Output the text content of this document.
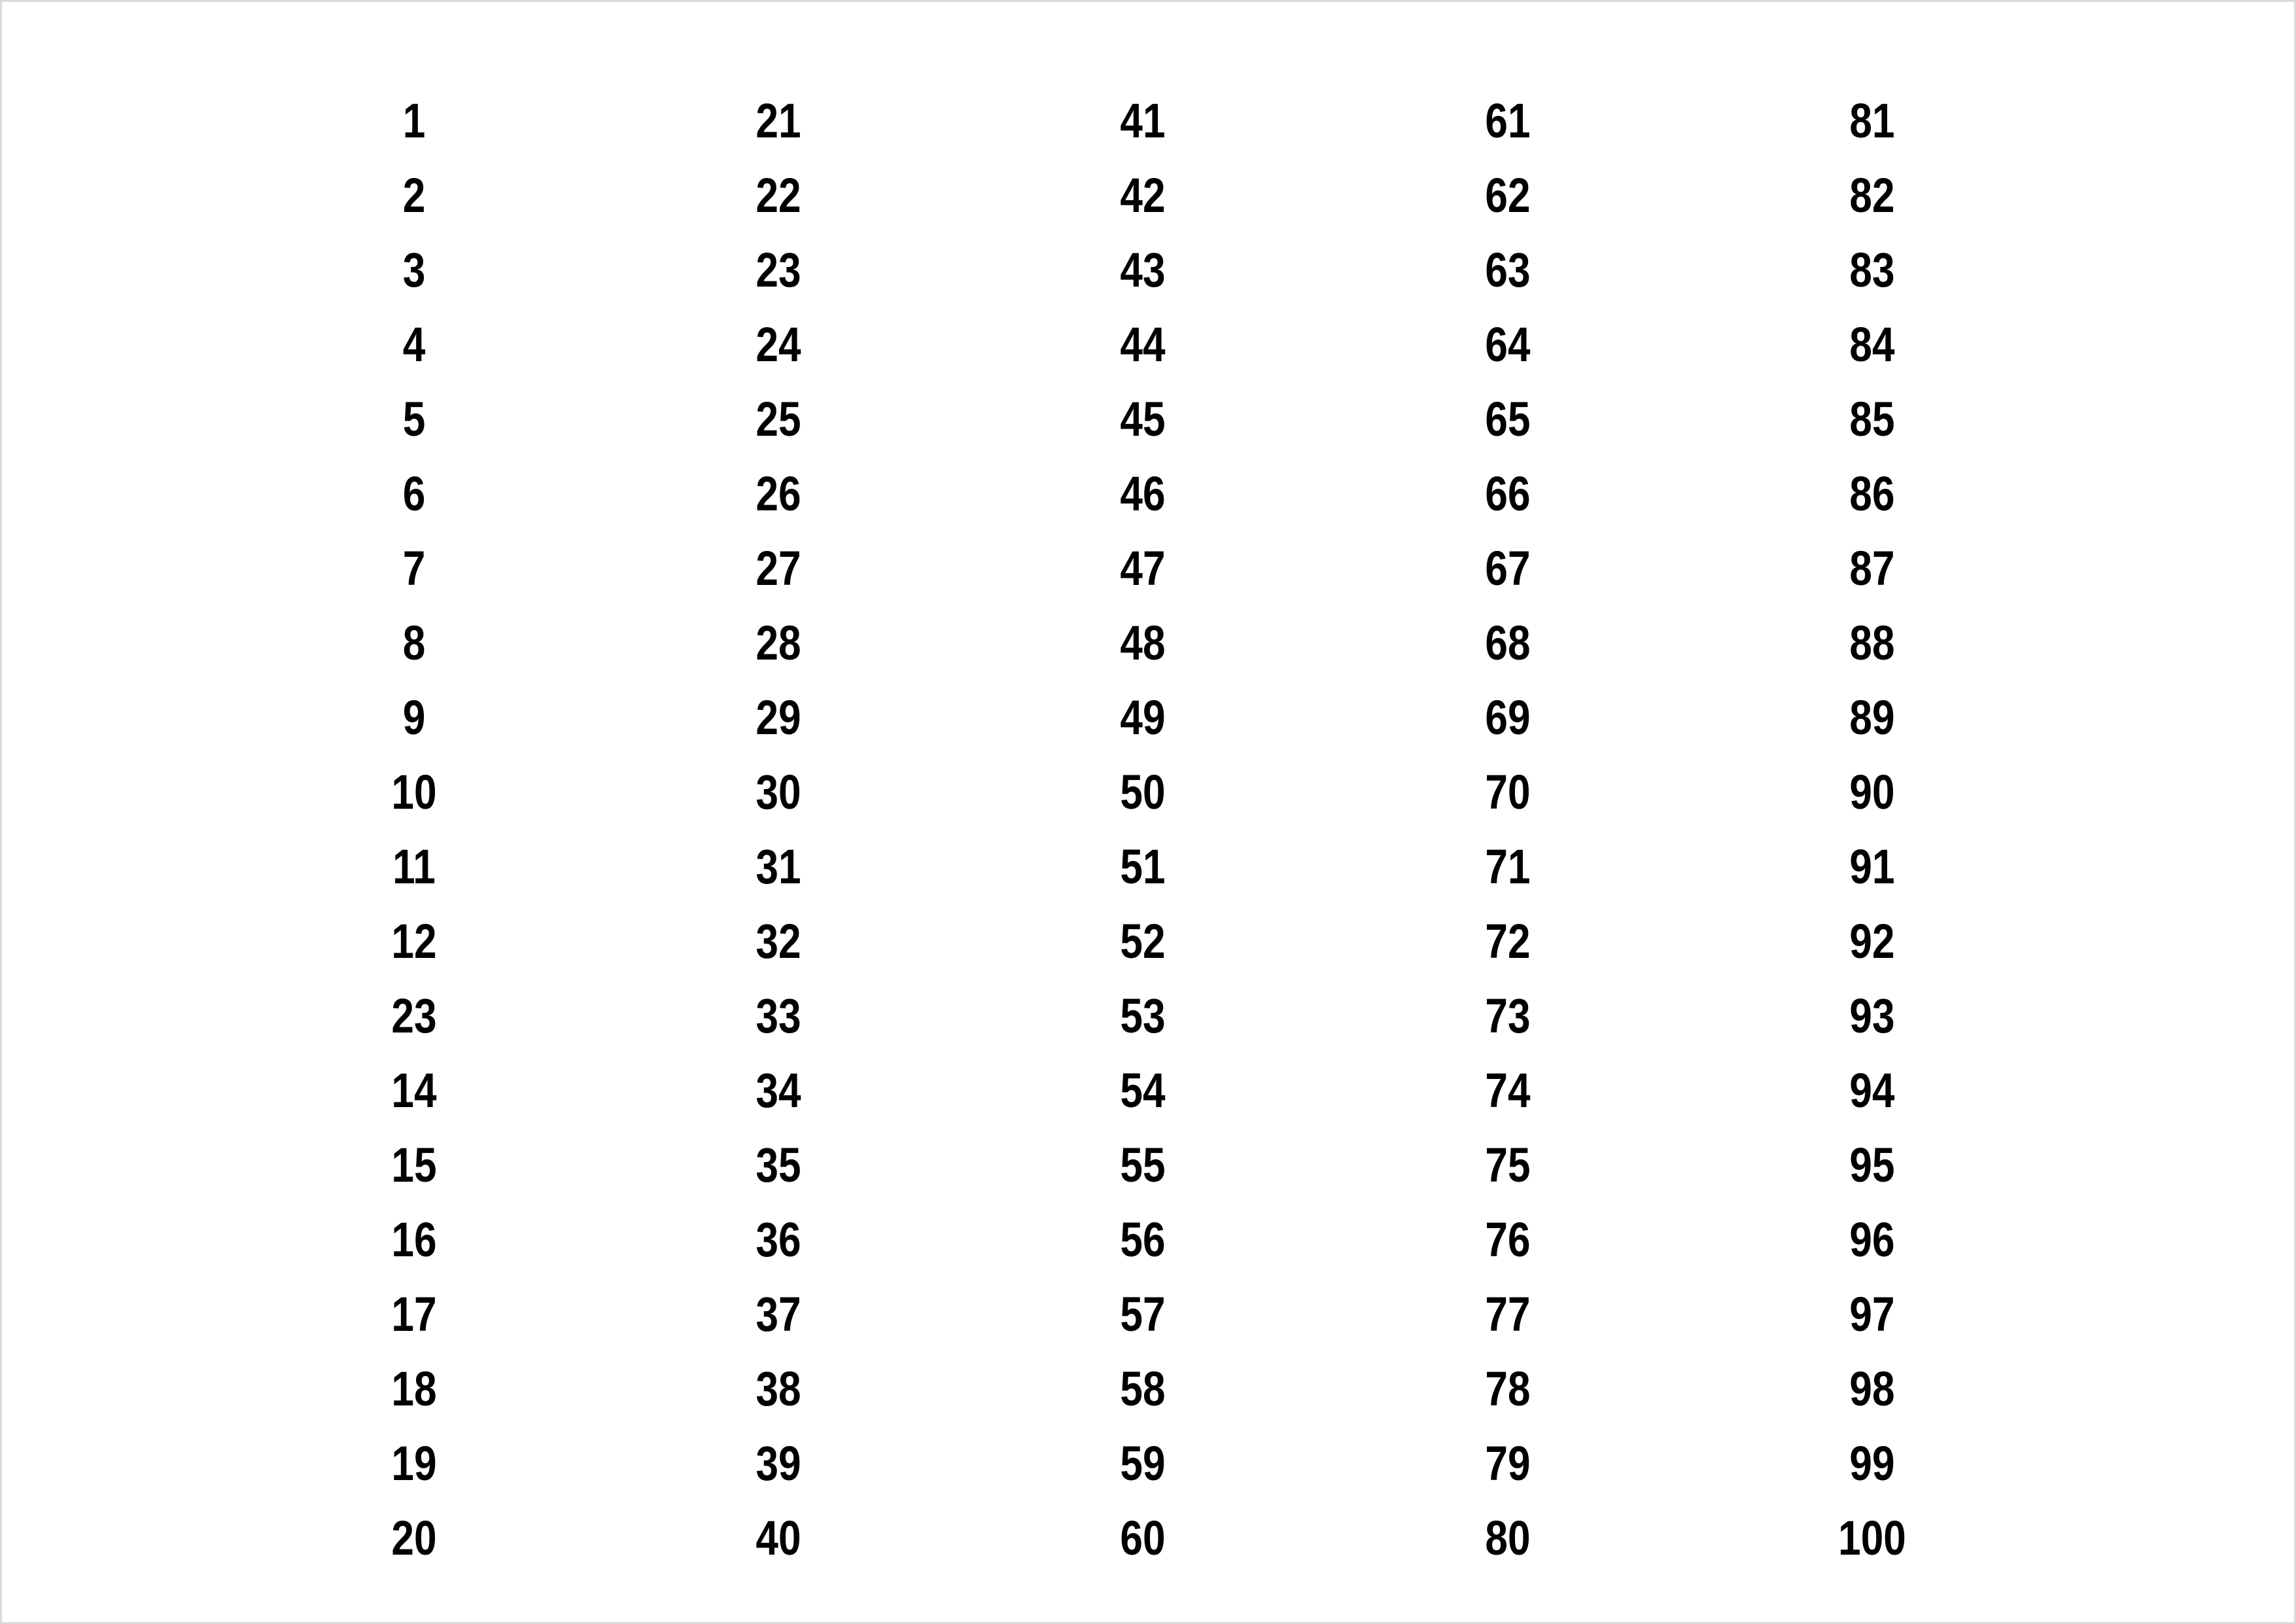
1
2
3
4
5
6
7
8
9
10
11
12
23
14
15
16
17
18
19
20
21
22
23
24
25
26
27
28
29
30
31
32
33
34
35
36
37
38
39
40
41
42
43
44
45
46
47
48
49
50
51
52
53
54
55
56
57
58
59
60
61
62
63
64
65
66
67
68
69
70
71
72
73
74
75
76
77
78
79
80
81
82
83
84
85
86
87
88
89
90
91
92
93
94
95
96
97
98
99
100
